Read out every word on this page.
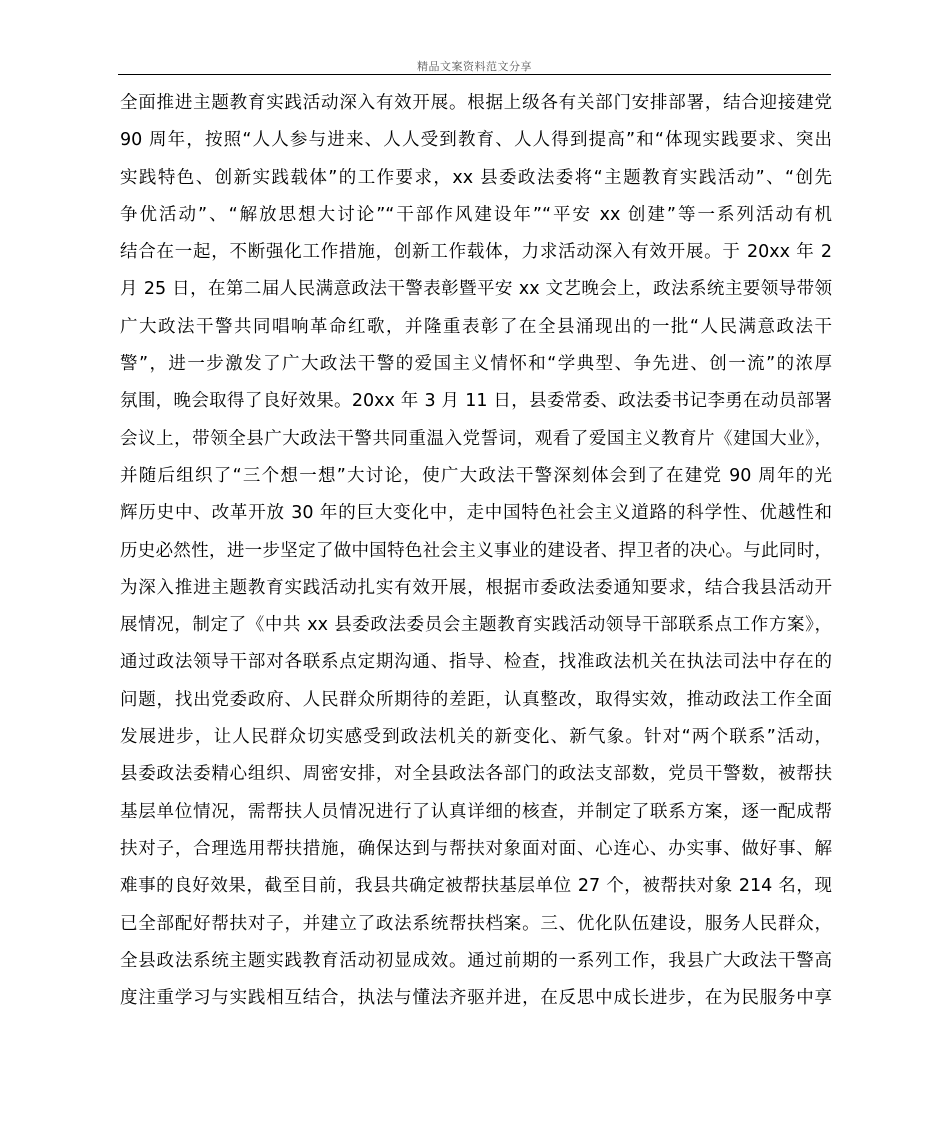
精品文案资料范文分享
全面推进主题教育实践活动深入有效开展。根据上级各有关部门安排部署，结合迎接建党
90 周年，按照“人人参与进来、人人受到教育、人人得到提高”和“体现实践要求、突出
实践特色、创新实践载体”的工作要求，xx 县委政法委将“主题教育实践活动”、“创先
争优活动”、“解放思想大讨论”“干部作风建设年”“平安 xx 创建”等一系列活动有机
结合在一起，不断强化工作措施，创新工作载体，力求活动深入有效开展。于 20xx 年 2
月 25 日，在第二届人民满意政法干警表彰暨平安 xx 文艺晚会上，政法系统主要领导带领
广大政法干警共同唱响革命红歌，并隆重表彰了在全县涌现出的一批“人民满意政法干
警”，进一步激发了广大政法干警的爱国主义情怀和“学典型、争先进、创一流”的浓厚
氛围，晚会取得了良好效果。20xx 年 3 月 11 日，县委常委、政法委书记李勇在动员部署
会议上，带领全县广大政法干警共同重温入党誓词，观看了爱国主义教育片《建国大业》，
并随后组织了“三个想一想”大讨论，使广大政法干警深刻体会到了在建党 90 周年的光
辉历史中、改革开放 30 年的巨大变化中，走中国特色社会主义道路的科学性、优越性和
历史必然性，进一步坚定了做中国特色社会主义事业的建设者、捍卫者的决心。与此同时，
为深入推进主题教育实践活动扎实有效开展，根据市委政法委通知要求，结合我县活动开
展情况，制定了《中共 xx 县委政法委员会主题教育实践活动领导干部联系点工作方案》，
通过政法领导干部对各联系点定期沟通、指导、检查，找准政法机关在执法司法中存在的
问题，找出党委政府、人民群众所期待的差距，认真整改，取得实效，推动政法工作全面
发展进步，让人民群众切实感受到政法机关的新变化、新气象。针对“两个联系”活动，
县委政法委精心组织、周密安排，对全县政法各部门的政法支部数，党员干警数，被帮扶
基层单位情况，需帮扶人员情况进行了认真详细的核查，并制定了联系方案，逐一配成帮
扶对子，合理选用帮扶措施，确保达到与帮扶对象面对面、心连心、办实事、做好事、解
难事的良好效果，截至目前，我县共确定被帮扶基层单位 27 个，被帮扶对象 214 名，现
已全部配好帮扶对子，并建立了政法系统帮扶档案。三、优化队伍建设，服务人民群众，
全县政法系统主题实践教育活动初显成效。通过前期的一系列工作，我县广大政法干警高
度注重学习与实践相互结合，执法与懂法齐驱并进，在反思中成长进步，在为民服务中享
